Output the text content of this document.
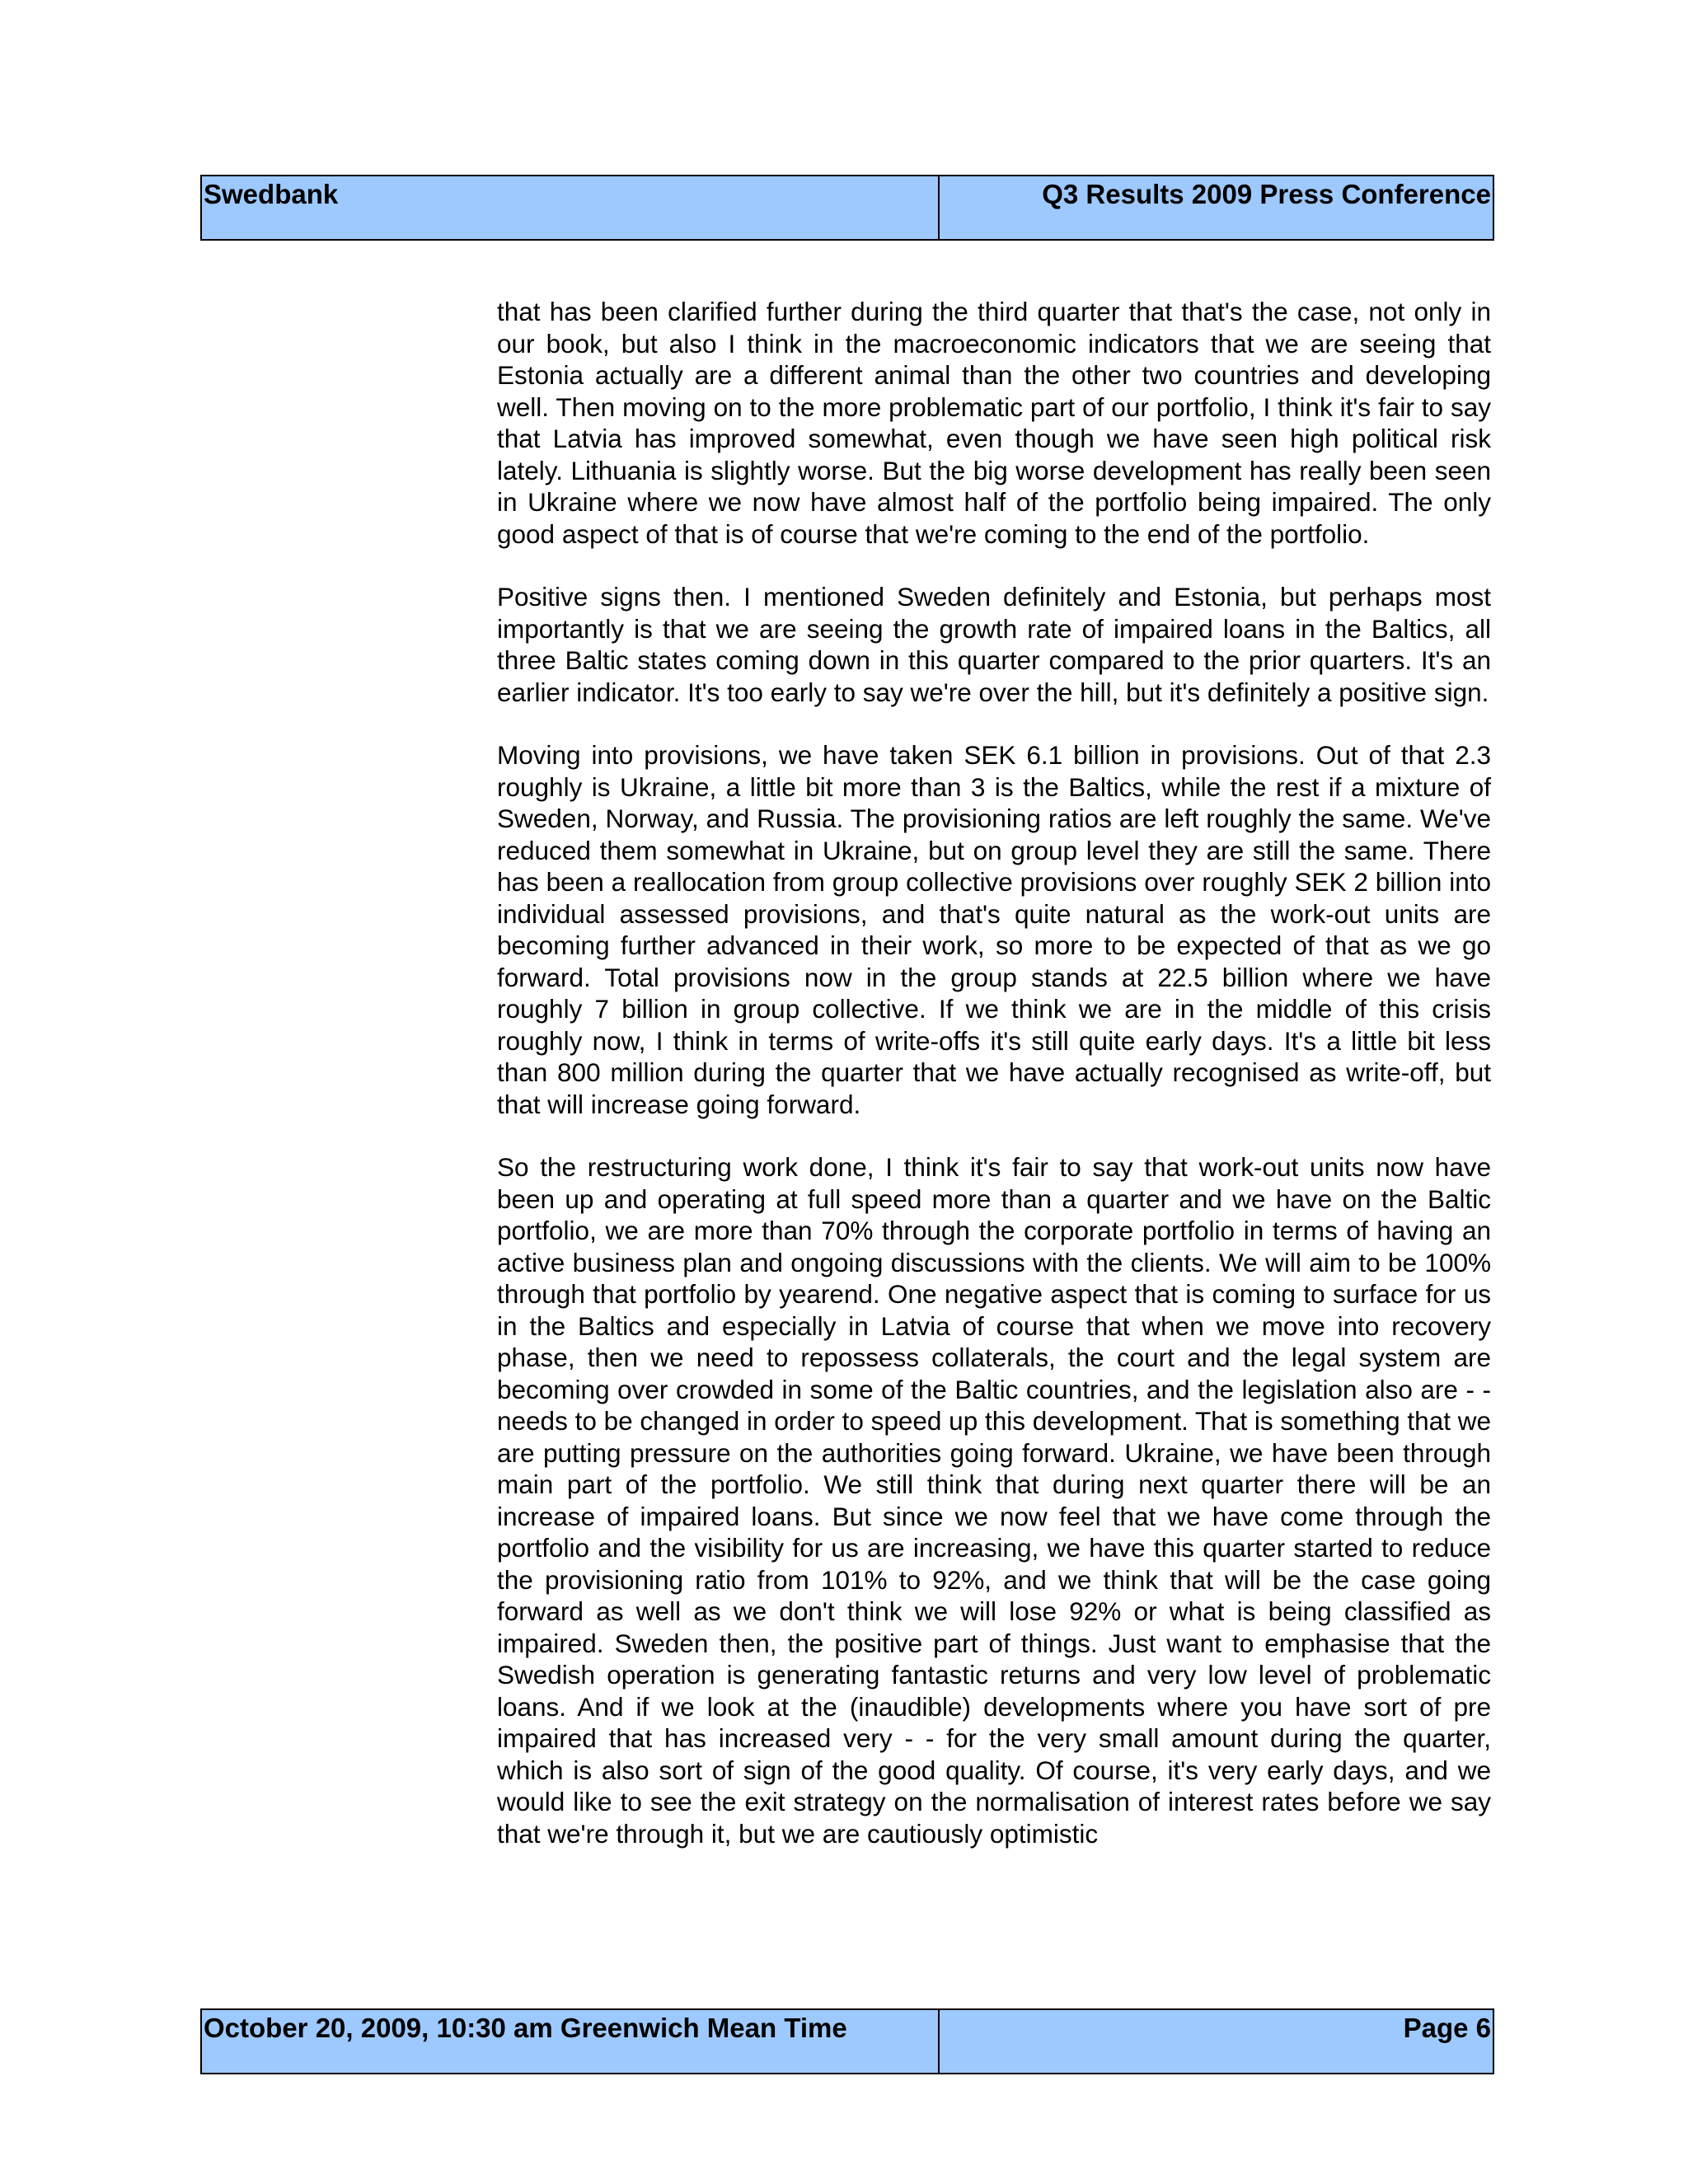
Swedbank	Q3 Results 2009 Press Conference

that has been clarified further during the third quarter that that's the case, not only in our book, but also I think in the macroeconomic indicators that we are seeing that Estonia actually are a different animal than the other two countries and developing well. Then moving on to the more problematic part of our portfolio, I think it's fair to say that Latvia has improved somewhat, even though we have seen high political risk lately. Lithuania is slightly worse. But the big worse development has really been seen in Ukraine where we now have almost half of the portfolio being impaired. The only good aspect of that is of course that we're coming to the end of the portfolio.

Positive signs then. I mentioned Sweden definitely and Estonia, but perhaps most importantly is that we are seeing the growth rate of impaired loans in the Baltics, all three Baltic states coming down in this quarter compared to the prior quarters. It's an earlier indicator. It's too early to say we're over the hill, but it's definitely a positive sign.

Moving into provisions, we have taken SEK 6.1 billion in provisions. Out of that 2.3 roughly is Ukraine, a little bit more than 3 is the Baltics, while the rest if a mixture of Sweden, Norway, and Russia. The provisioning ratios are left roughly the same. We've reduced them somewhat in Ukraine, but on group level they are still the same. There has been a reallocation from group collective provisions over roughly SEK 2 billion into individual assessed provisions, and that's quite natural as the work-out units are becoming further advanced in their work, so more to be expected of that as we go forward. Total provisions now in the group stands at 22.5 billion where we have roughly 7 billion in group collective. If we think we are in the middle of this crisis roughly now, I think in terms of write-offs it's still quite early days. It's a little bit less than 800 million during the quarter that we have actually recognised as write-off, but that will increase going forward.

So the restructuring work done, I think it's fair to say that work-out units now have been up and operating at full speed more than a quarter and we have on the Baltic portfolio, we are more than 70% through the corporate portfolio in terms of having an active business plan and ongoing discussions with the clients. We will aim to be 100% through that portfolio by yearend. One negative aspect that is coming to surface for us in the Baltics and especially in Latvia of course that when we move into recovery phase, then we need to repossess collaterals, the court and the legal system are becoming over crowded in some of the Baltic countries, and the legislation also are - - needs to be changed in order to speed up this development. That is something that we are putting pressure on the authorities going forward. Ukraine, we have been through main part of the portfolio. We still think that during next quarter there will be an increase of impaired loans. But since we now feel that we have come through the portfolio and the visibility for us are increasing, we have this quarter started to reduce the provisioning ratio from 101% to 92%, and we think that will be the case going forward as well as we don't think we will lose 92% or what is being classified as impaired. Sweden then, the positive part of things. Just want to emphasise that the Swedish operation is generating fantastic returns and very low level of problematic loans. And if we look at the (inaudible) developments where you have sort of pre impaired that has increased very - - for the very small amount during the quarter, which is also sort of sign of the good quality. Of course, it's very early days, and we would like to see the exit strategy on the normalisation of interest rates before we say that we're through it, but we are cautiously optimistic

October 20, 2009, 10:30 am Greenwich Mean Time	Page 6
